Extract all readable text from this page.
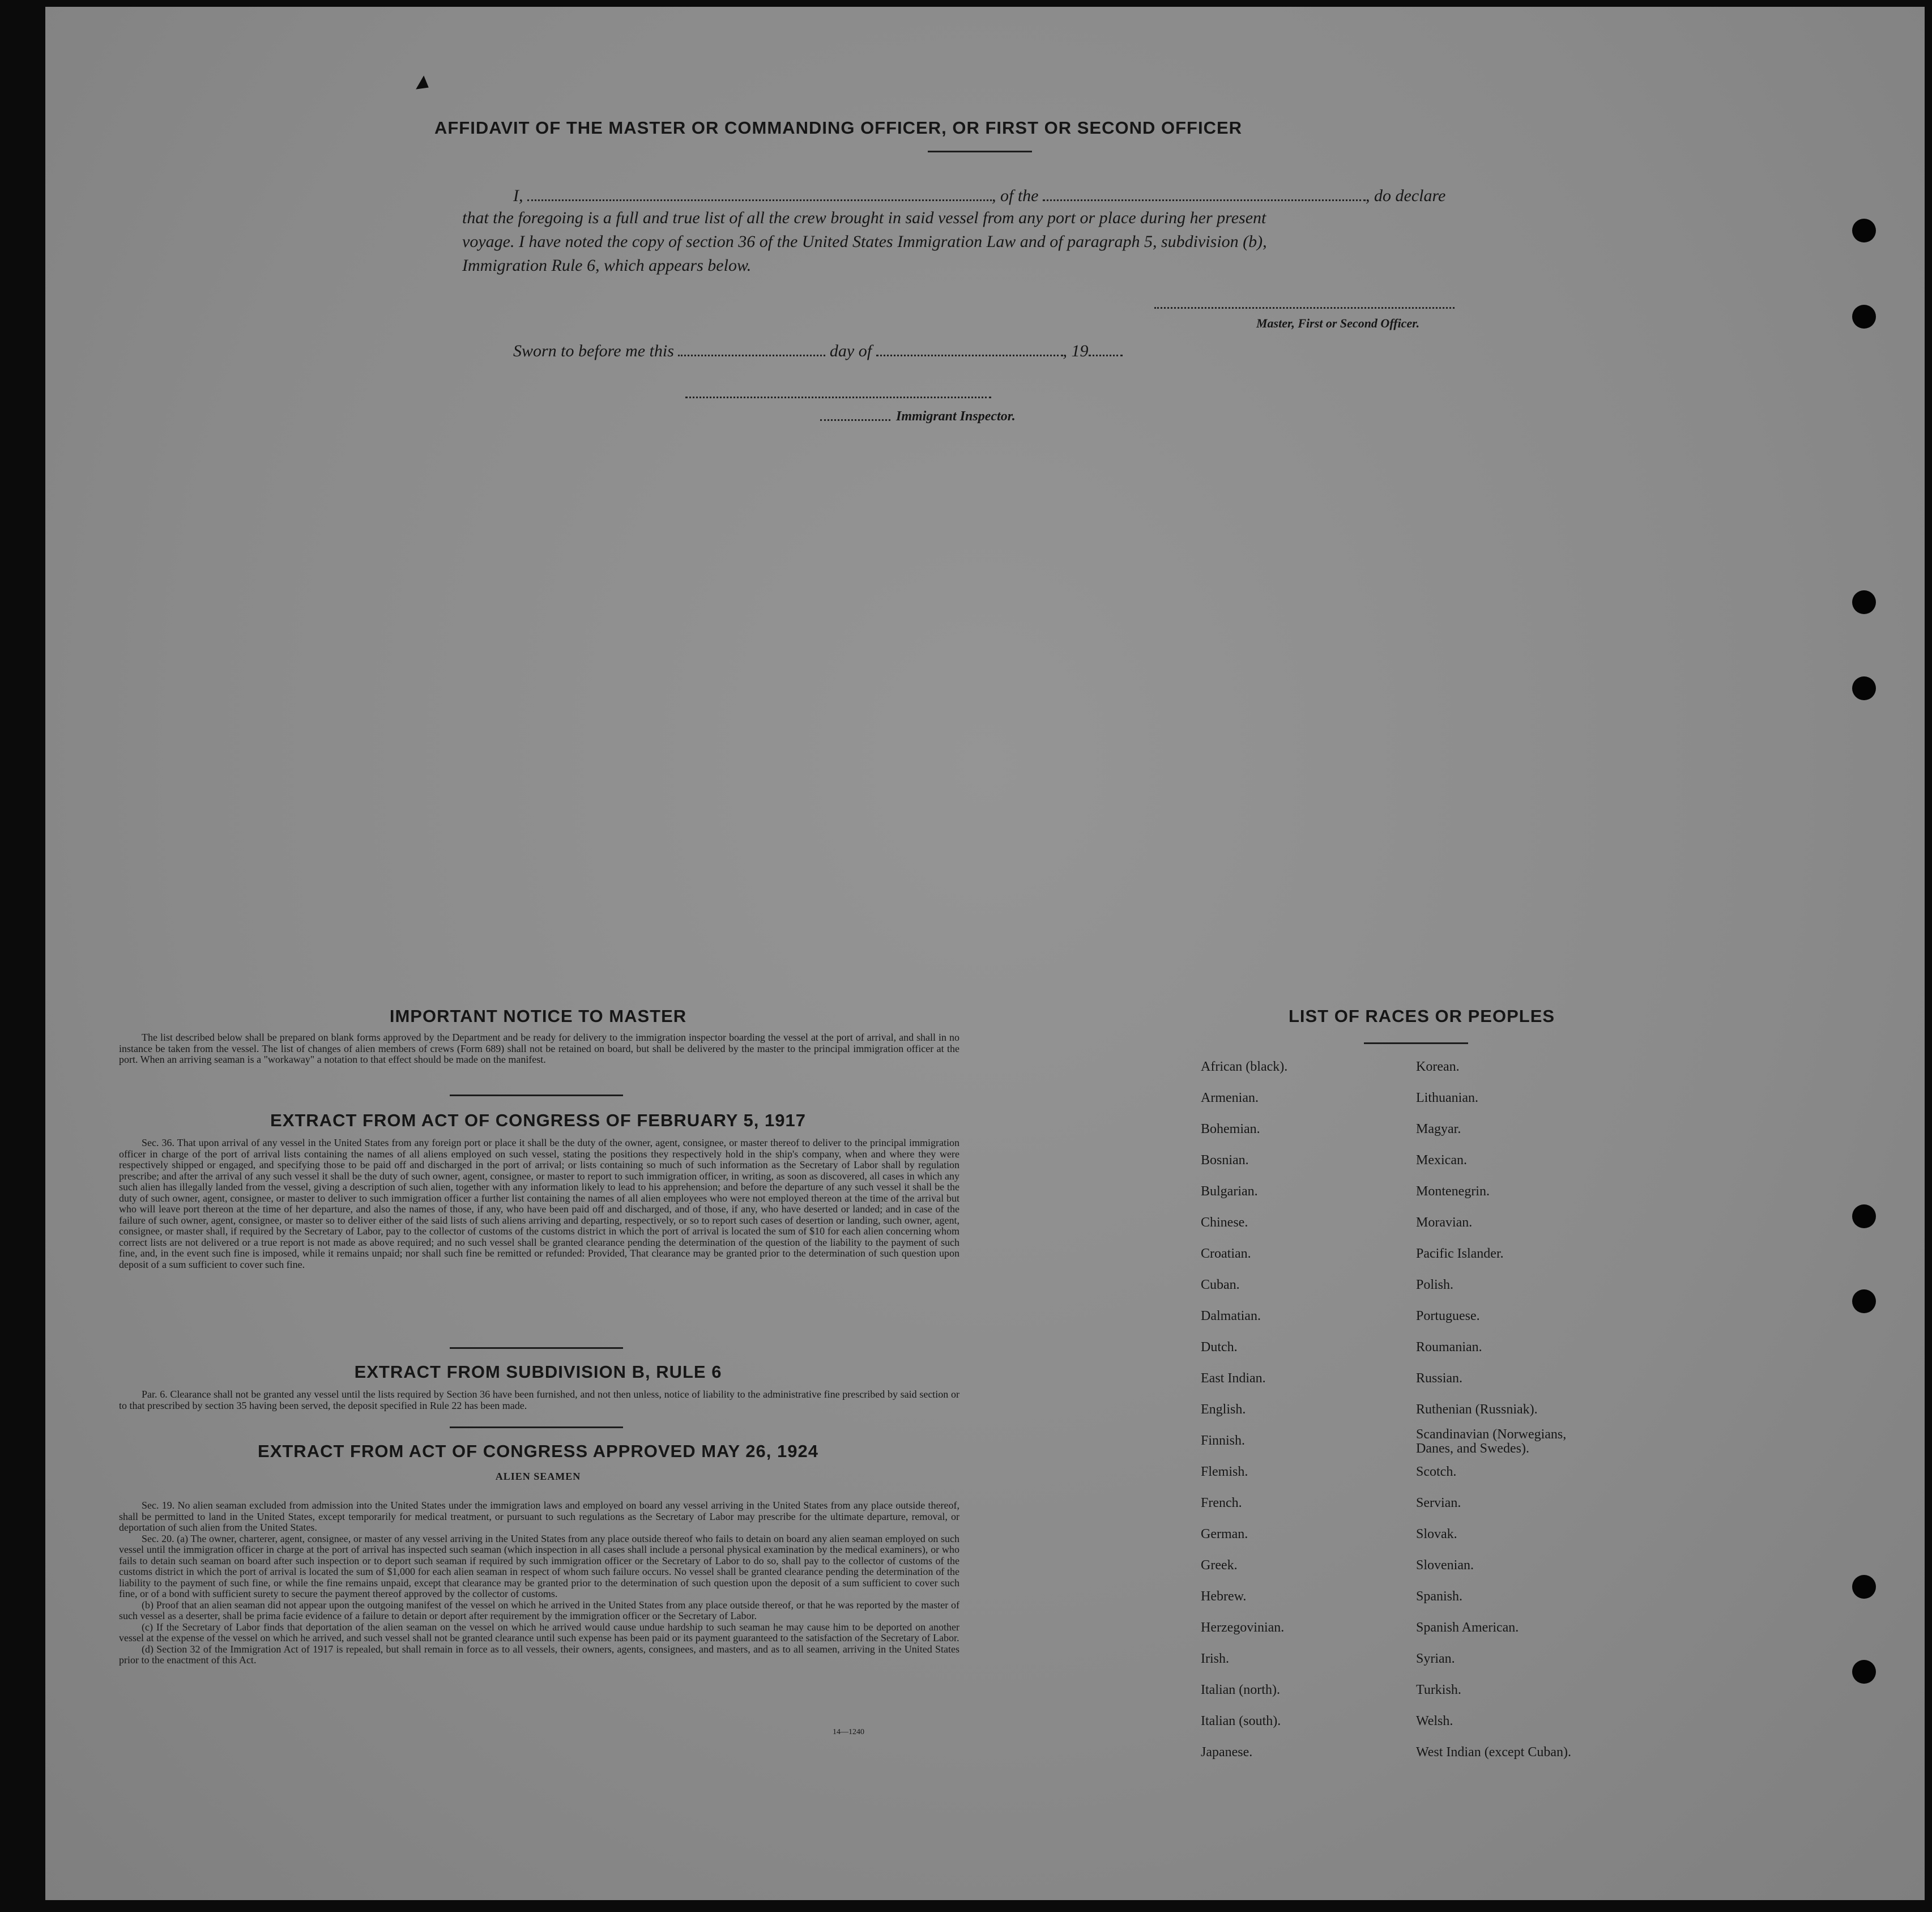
AFFIDAVIT OF THE MASTER OR COMMANDING OFFICER, OR FIRST OR SECOND OFFICER
I,	, of the	, do declare
that the foregoing is a full and true list of all the crew brought in said vessel from any port or place during her present
voyage. I have noted the copy of section 36 of the United States Immigration Law and of paragraph 5, subdivision (b),
Immigration Rule 6, which appears below.
Master, First or Second Officer.
Sworn to before me this	day of	, 19
Immigrant Inspector.
IMPORTANT NOTICE TO MASTER
The list described below shall be prepared on blank forms approved by the Department and be ready for delivery to the immigration inspector boarding the vessel at the port of arrival, and shall in no instance be taken from the vessel. The list of changes of alien members of crews (Form 689) shall not be retained on board, but shall be delivered by the master to the principal immigration officer at the port. When an arriving seaman is a "workaway" a notation to that effect should be made on the manifest.
EXTRACT FROM ACT OF CONGRESS OF FEBRUARY 5, 1917
Sec. 36. That upon arrival of any vessel in the United States from any foreign port or place it shall be the duty of the owner, agent, consignee, or master thereof to deliver to the principal immigration officer in charge of the port of arrival lists containing the names of all aliens employed on such vessel, stating the positions they respectively hold in the ship's company, when and where they were respectively shipped or engaged, and specifying those to be paid off and discharged in the port of arrival; or lists containing so much of such information as the Secretary of Labor shall by regulation prescribe; and after the arrival of any such vessel it shall be the duty of such owner, agent, consignee, or master to report to such immigration officer, in writing, as soon as discovered, all cases in which any such alien has illegally landed from the vessel, giving a description of such alien, together with any information likely to lead to his apprehension; and before the departure of any such vessel it shall be the duty of such owner, agent, consignee, or master to deliver to such immigration officer a further list containing the names of all alien employees who were not employed thereon at the time of the arrival but who will leave port thereon at the time of her departure, and also the names of those, if any, who have been paid off and discharged, and of those, if any, who have deserted or landed; and in case of the failure of such owner, agent, consignee, or master so to deliver either of the said lists of such aliens arriving and departing, respectively, or so to report such cases of desertion or landing, such owner, agent, consignee, or master shall, if required by the Secretary of Labor, pay to the collector of customs of the customs district in which the port of arrival is located the sum of $10 for each alien concerning whom correct lists are not delivered or a true report is not made as above required; and no such vessel shall be granted clearance pending the determination of the question of the liability to the payment of such fine, and, in the event such fine is imposed, while it remains unpaid; nor shall such fine be remitted or refunded: Provided, That clearance may be granted prior to the determination of such question upon deposit of a sum sufficient to cover such fine.
EXTRACT FROM SUBDIVISION B, RULE 6
Par. 6. Clearance shall not be granted any vessel until the lists required by Section 36 have been furnished, and not then unless, notice of liability to the administrative fine prescribed by said section or to that prescribed by section 35 having been served, the deposit specified in Rule 22 has been made.
EXTRACT FROM ACT OF CONGRESS APPROVED MAY 26, 1924
ALIEN SEAMEN
Sec. 19. No alien seaman excluded from admission into the United States under the immigration laws and employed on board any vessel arriving in the United States from any place outside thereof, shall be permitted to land in the United States, except temporarily for medical treatment, or pursuant to such regulations as the Secretary of Labor may prescribe for the ultimate departure, removal, or deportation of such alien from the United States.
Sec. 20. (a) The owner, charterer, agent, consignee, or master of any vessel arriving in the United States from any place outside thereof who fails to detain on board any alien seaman employed on such vessel until the immigration officer in charge at the port of arrival has inspected such seaman (which inspection in all cases shall include a personal physical examination by the medical examiners), or who fails to detain such seaman on board after such inspection or to deport such seaman if required by such immigration officer or the Secretary of Labor to do so, shall pay to the collector of customs of the customs district in which the port of arrival is located the sum of $1,000 for each alien seaman in respect of whom such failure occurs. No vessel shall be granted clearance pending the determination of the liability to the payment of such fine, or while the fine remains unpaid, except that clearance may be granted prior to the determination of such question upon the deposit of a sum sufficient to cover such fine, or of a bond with sufficient surety to secure the payment thereof approved by the collector of customs.
(b) Proof that an alien seaman did not appear upon the outgoing manifest of the vessel on which he arrived in the United States from any place outside thereof, or that he was reported by the master of such vessel as a deserter, shall be prima facie evidence of a failure to detain or deport after requirement by the immigration officer or the Secretary of Labor.
(c) If the Secretary of Labor finds that deportation of the alien seaman on the vessel on which he arrived would cause undue hardship to such seaman he may cause him to be deported on another vessel at the expense of the vessel on which he arrived, and such vessel shall not be granted clearance until such expense has been paid or its payment guaranteed to the satisfaction of the Secretary of Labor.
(d) Section 32 of the Immigration Act of 1917 is repealed, but shall remain in force as to all vessels, their owners, agents, consignees, and masters, and as to all seamen, arriving in the United States prior to the enactment of this Act.
14—1240
LIST OF RACES OR PEOPLES
African (black).
Armenian.
Bohemian.
Bosnian.
Bulgarian.
Chinese.
Croatian.
Cuban.
Dalmatian.
Dutch.
East Indian.
English.
Finnish.
Flemish.
French.
German.
Greek.
Hebrew.
Herzegovinian.
Irish.
Italian (north).
Italian (south).
Japanese.
Korean.
Lithuanian.
Magyar.
Mexican.
Montenegrin.
Moravian.
Pacific Islander.
Polish.
Portuguese.
Roumanian.
Russian.
Ruthenian (Russniak).
Scandinavian (Norwegians, Danes, and Swedes).
Scotch.
Servian.
Slovak.
Slovenian.
Spanish.
Spanish American.
Syrian.
Turkish.
Welsh.
West Indian (except Cuban).
